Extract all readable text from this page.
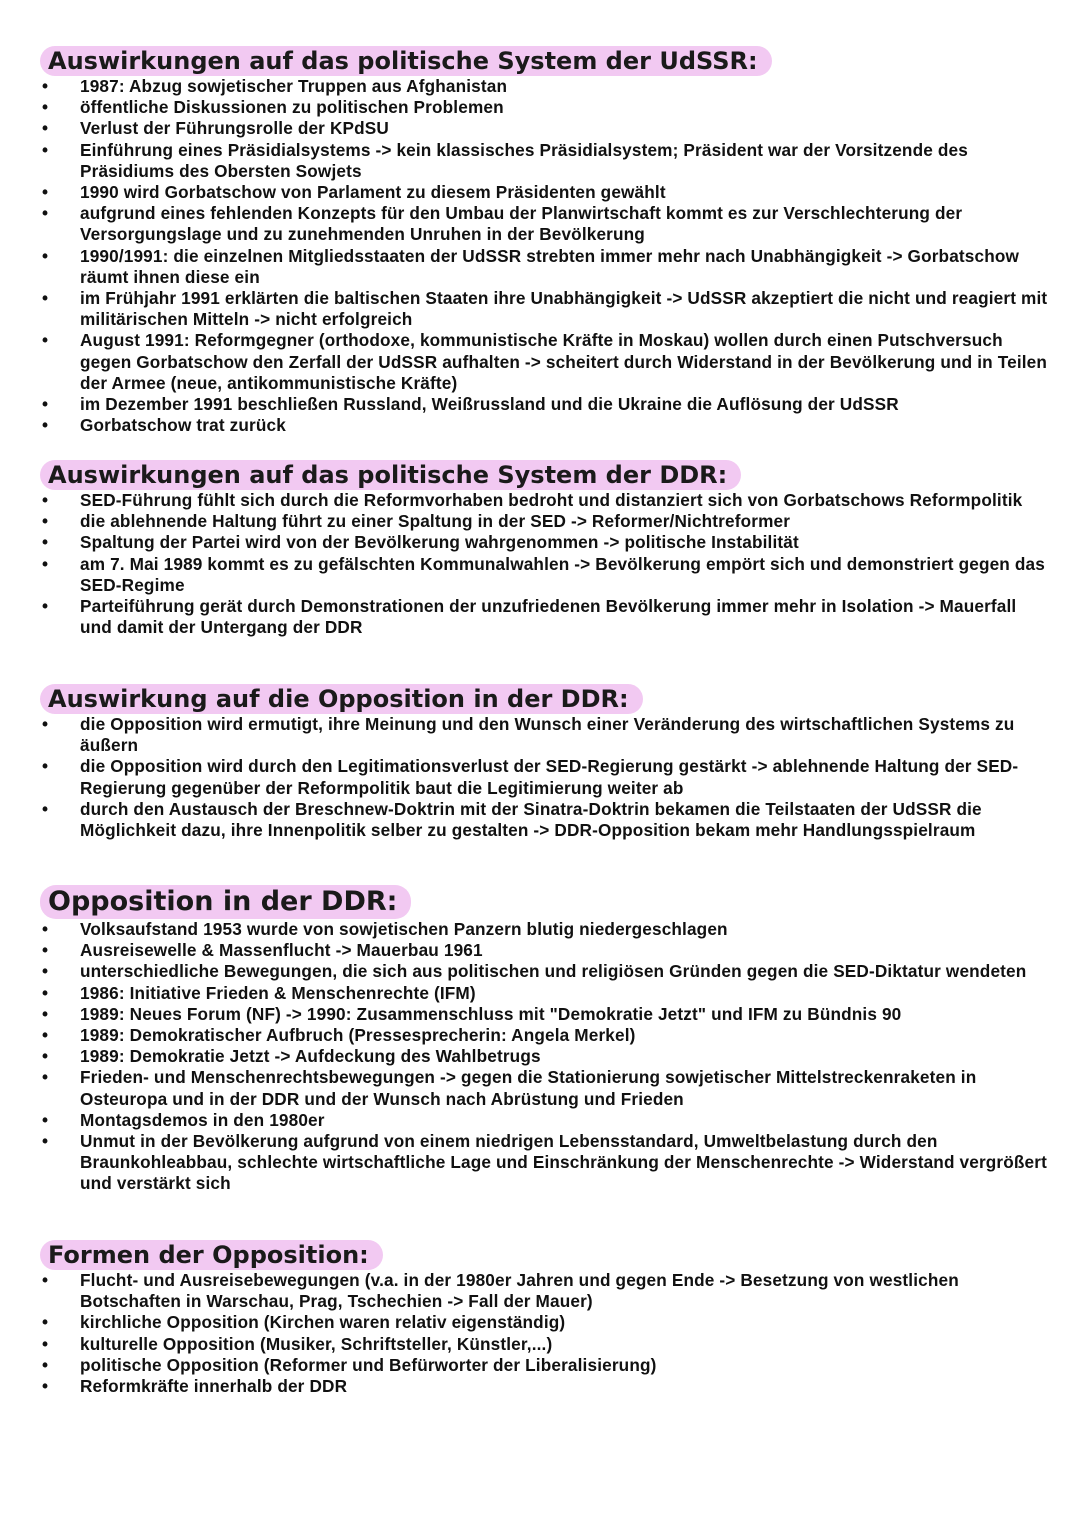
Auswirkungen auf das politische System der UdSSR:
• 1987: Abzug sowjetischer Truppen aus Afghanistan
• öffentliche Diskussionen zu politischen Problemen
• Verlust der Führungsrolle der KPdSU
• Einführung eines Präsidialsystems -> kein klassisches Präsidialsystem; Präsident war der Vorsitzende des Präsidiums des Obersten Sowjets
• 1990 wird Gorbatschow von Parlament zu diesem Präsidenten gewählt
• aufgrund eines fehlenden Konzepts für den Umbau der Planwirtschaft kommt es zur Verschlechterung der Versorgungslage und zu zunehmenden Unruhen in der Bevölkerung
• 1990/1991: die einzelnen Mitgliedsstaaten der UdSSR strebten immer mehr nach Unabhängigkeit -> Gorbatschow räumt ihnen diese ein
• im Frühjahr 1991 erklärten die baltischen Staaten ihre Unabhängigkeit -> UdSSR akzeptiert die nicht und reagiert mit militärischen Mitteln -> nicht erfolgreich
• August 1991: Reformgegner (orthodoxe, kommunistische Kräfte in Moskau) wollen durch einen Putschversuch gegen Gorbatschow den Zerfall der UdSSR aufhalten -> scheitert durch Widerstand in der Bevölkerung und in Teilen der Armee (neue, antikommunistische Kräfte)
• im Dezember 1991 beschließen Russland, Weißrussland und die Ukraine die Auflösung der UdSSR
• Gorbatschow trat zurück
Auswirkungen auf das politische System der DDR:
• SED-Führung fühlt sich durch die Reformvorhaben bedroht und distanziert sich von Gorbatschows Reformpolitik
• die ablehnende Haltung führt zu einer Spaltung in der SED -> Reformer/Nichtreformer
• Spaltung der Partei wird von der Bevölkerung wahrgenommen -> politische Instabilität
• am 7. Mai 1989 kommt es zu gefälschten Kommunalwahlen -> Bevölkerung empört sich und demonstriert gegen das SED-Regime
• Parteiführung gerät durch Demonstrationen der unzufriedenen Bevölkerung immer mehr in Isolation -> Mauerfall und damit der Untergang der DDR
Auswirkung auf die Opposition in der DDR:
• die Opposition wird ermutigt, ihre Meinung und den Wunsch einer Veränderung des wirtschaftlichen Systems zu äußern
• die Opposition wird durch den Legitimationsverlust der SED-Regierung gestärkt -> ablehnende Haltung der SED-Regierung gegenüber der Reformpolitik baut die Legitimierung weiter ab
• durch den Austausch der Breschnew-Doktrin mit der Sinatra-Doktrin bekamen die Teilstaaten der UdSSR die Möglichkeit dazu, ihre Innenpolitik selber zu gestalten -> DDR-Opposition bekam mehr Handlungsspielraum
Opposition in der DDR:
• Volksaufstand 1953 wurde von sowjetischen Panzern blutig niedergeschlagen
• Ausreisewelle & Massenflucht -> Mauerbau 1961
• unterschiedliche Bewegungen, die sich aus politischen und religiösen Gründen gegen die SED-Diktatur wendeten
• 1986: Initiative Frieden & Menschenrechte (IFM)
• 1989: Neues Forum (NF) -> 1990: Zusammenschluss mit "Demokratie Jetzt" und IFM zu Bündnis 90
• 1989: Demokratischer Aufbruch (Pressesprecherin: Angela Merkel)
• 1989: Demokratie Jetzt -> Aufdeckung des Wahlbetrugs
• Frieden- und Menschenrechtsbewegungen -> gegen die Stationierung sowjetischer Mittelstreckenraketen in Osteuropa und in der DDR und der Wunsch nach Abrüstung und Frieden
• Montagsdemos in den 1980er
• Unmut in der Bevölkerung aufgrund von einem niedrigen Lebensstandard, Umweltbelastung durch den Braunkohleabbau, schlechte wirtschaftliche Lage und Einschränkung der Menschenrechte -> Widerstand vergrößert und verstärkt sich
Formen der Opposition:
• Flucht- und Ausreisebewegungen (v.a. in der 1980er Jahren und gegen Ende -> Besetzung von westlichen Botschaften in Warschau, Prag, Tschechien -> Fall der Mauer)
• kirchliche Opposition (Kirchen waren relativ eigenständig)
• kulturelle Opposition (Musiker, Schriftsteller, Künstler,...)
• politische Opposition (Reformer und Befürworter der Liberalisierung)
• Reformkräfte innerhalb der DDR
